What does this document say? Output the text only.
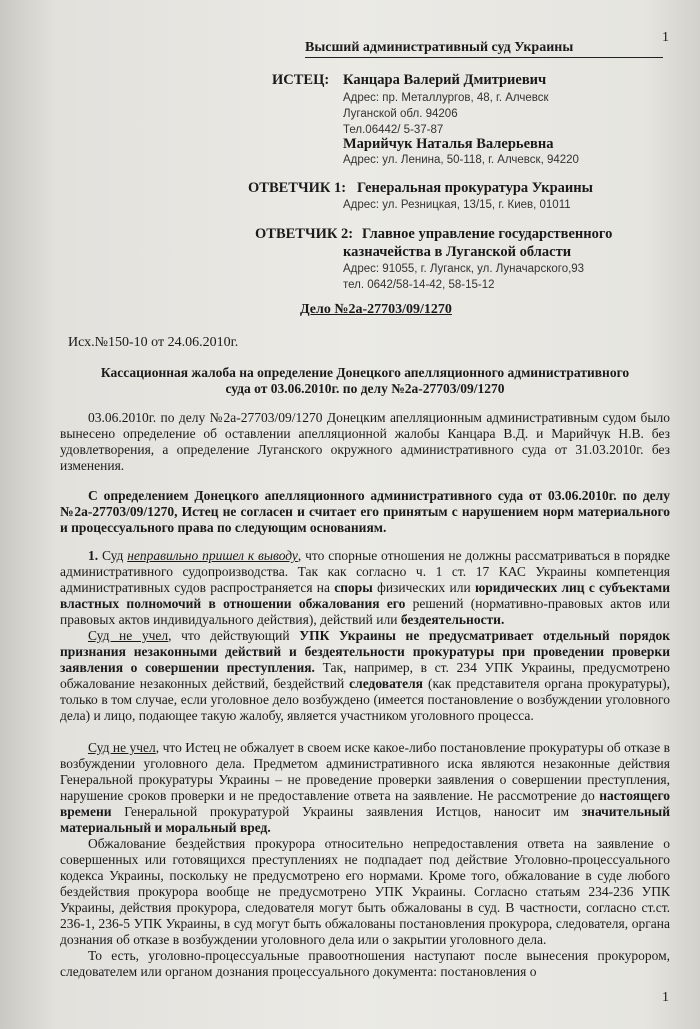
1
Высший административный суд Украины
ИСТЕЦ: Канцара Валерий Дмитриевич
Адрес: пр. Металлургов, 48, г. Алчевск
Луганской обл. 94206
Тел.06442/ 5-37-87
Марийчук Наталья Валерьевна
Адрес: ул. Ленина, 50-118, г. Алчевск, 94220
ОТВЕТЧИК 1: Генеральная прокуратура Украины
Адрес: ул. Резницкая, 13/15, г. Киев, 01011
ОТВЕТЧИК 2: Главное управление государственного
казначейства в Луганской области
Адрес: 91055, г. Луганск, ул. Луначарского,93
тел. 0642/58-14-42, 58-15-12
Дело №2а-27703/09/1270
Исх.№150-10 от 24.06.2010г.
Кассационная жалоба на определение Донецкого апелляционного административного
суда от 03.06.2010г. по делу №2а-27703/09/1270

03.06.2010г. по делу №2а-27703/09/1270 Донецким апелляционным административным судом было вынесено определение об оставлении апелляционной жалобы Канцара В.Д. и Марийчук Н.В. без удовлетворения, а определение Луганского окружного административного суда от 31.03.2010г. без изменения.

С определением Донецкого апелляционного административного суда от 03.06.2010г. по делу №2а-27703/09/1270, Истец не согласен и считает его принятым с нарушением норм материального и процессуального права по следующим основаниям.

1. Суд неправильно пришел к выводу, что спорные отношения не должны рассматриваться в порядке административного судопроизводства. Так как согласно ч. 1 ст. 17 КАС Украины компетенция административных судов распространяется на споры физических или юридических лиц с субъектами властных полномочий в отношении обжалования его решений (нормативно-правовых актов или правовых актов индивидуального действия), действий или бездеятельности.

Суд не учел, что действующий УПК Украины не предусматривает отдельный порядок признания незаконными действий и бездеятельности прокуратуры при проведении проверки заявления о совершении преступления. Так, например, в ст. 234 УПК Украины, предусмотрено обжалование незаконных действий, бездействий следователя (как представителя органа прокуратуры), только в том случае, если уголовное дело возбуждено (имеется постановление о возбуждении уголовного дела) и лицо, подающее такую жалобу, является участником уголовного процесса.

Суд не учел, что Истец не обжалует в своем иске какое-либо постановление прокуратуры об отказе в возбуждении уголовного дела. Предметом административного иска являются незаконные действия Генеральной прокуратуры Украины – не проведение проверки заявления о совершении преступления, нарушение сроков проверки и не предоставление ответа на заявление. Не рассмотрение до настоящего времени Генеральной прокуратурой Украины заявления Истцов, наносит им значительный материальный и моральный вред.

Обжалование бездействия прокурора относительно непредоставления ответа на заявление о совершенных или готовящихся преступлениях не подпадает под действие Уголовно-процессуального кодекса Украины, поскольку не предусмотрено его нормами. Кроме того, обжалование в суде любого бездействия прокурора вообще не предусмотрено УПК Украины. Согласно статьям 234-236 УПК Украины, действия прокурора, следователя могут быть обжалованы в суд. В частности, согласно ст.ст. 236-1, 236-5 УПК Украины, в суд могут быть обжалованы постановления прокурора, следователя, органа дознания об отказе в возбуждении уголовного дела или о закрытии уголовного дела.

То есть, уголовно-процессуальные правоотношения наступают после вынесения прокурором, следователем или органом дознания процессуального документа: постановления о

1
